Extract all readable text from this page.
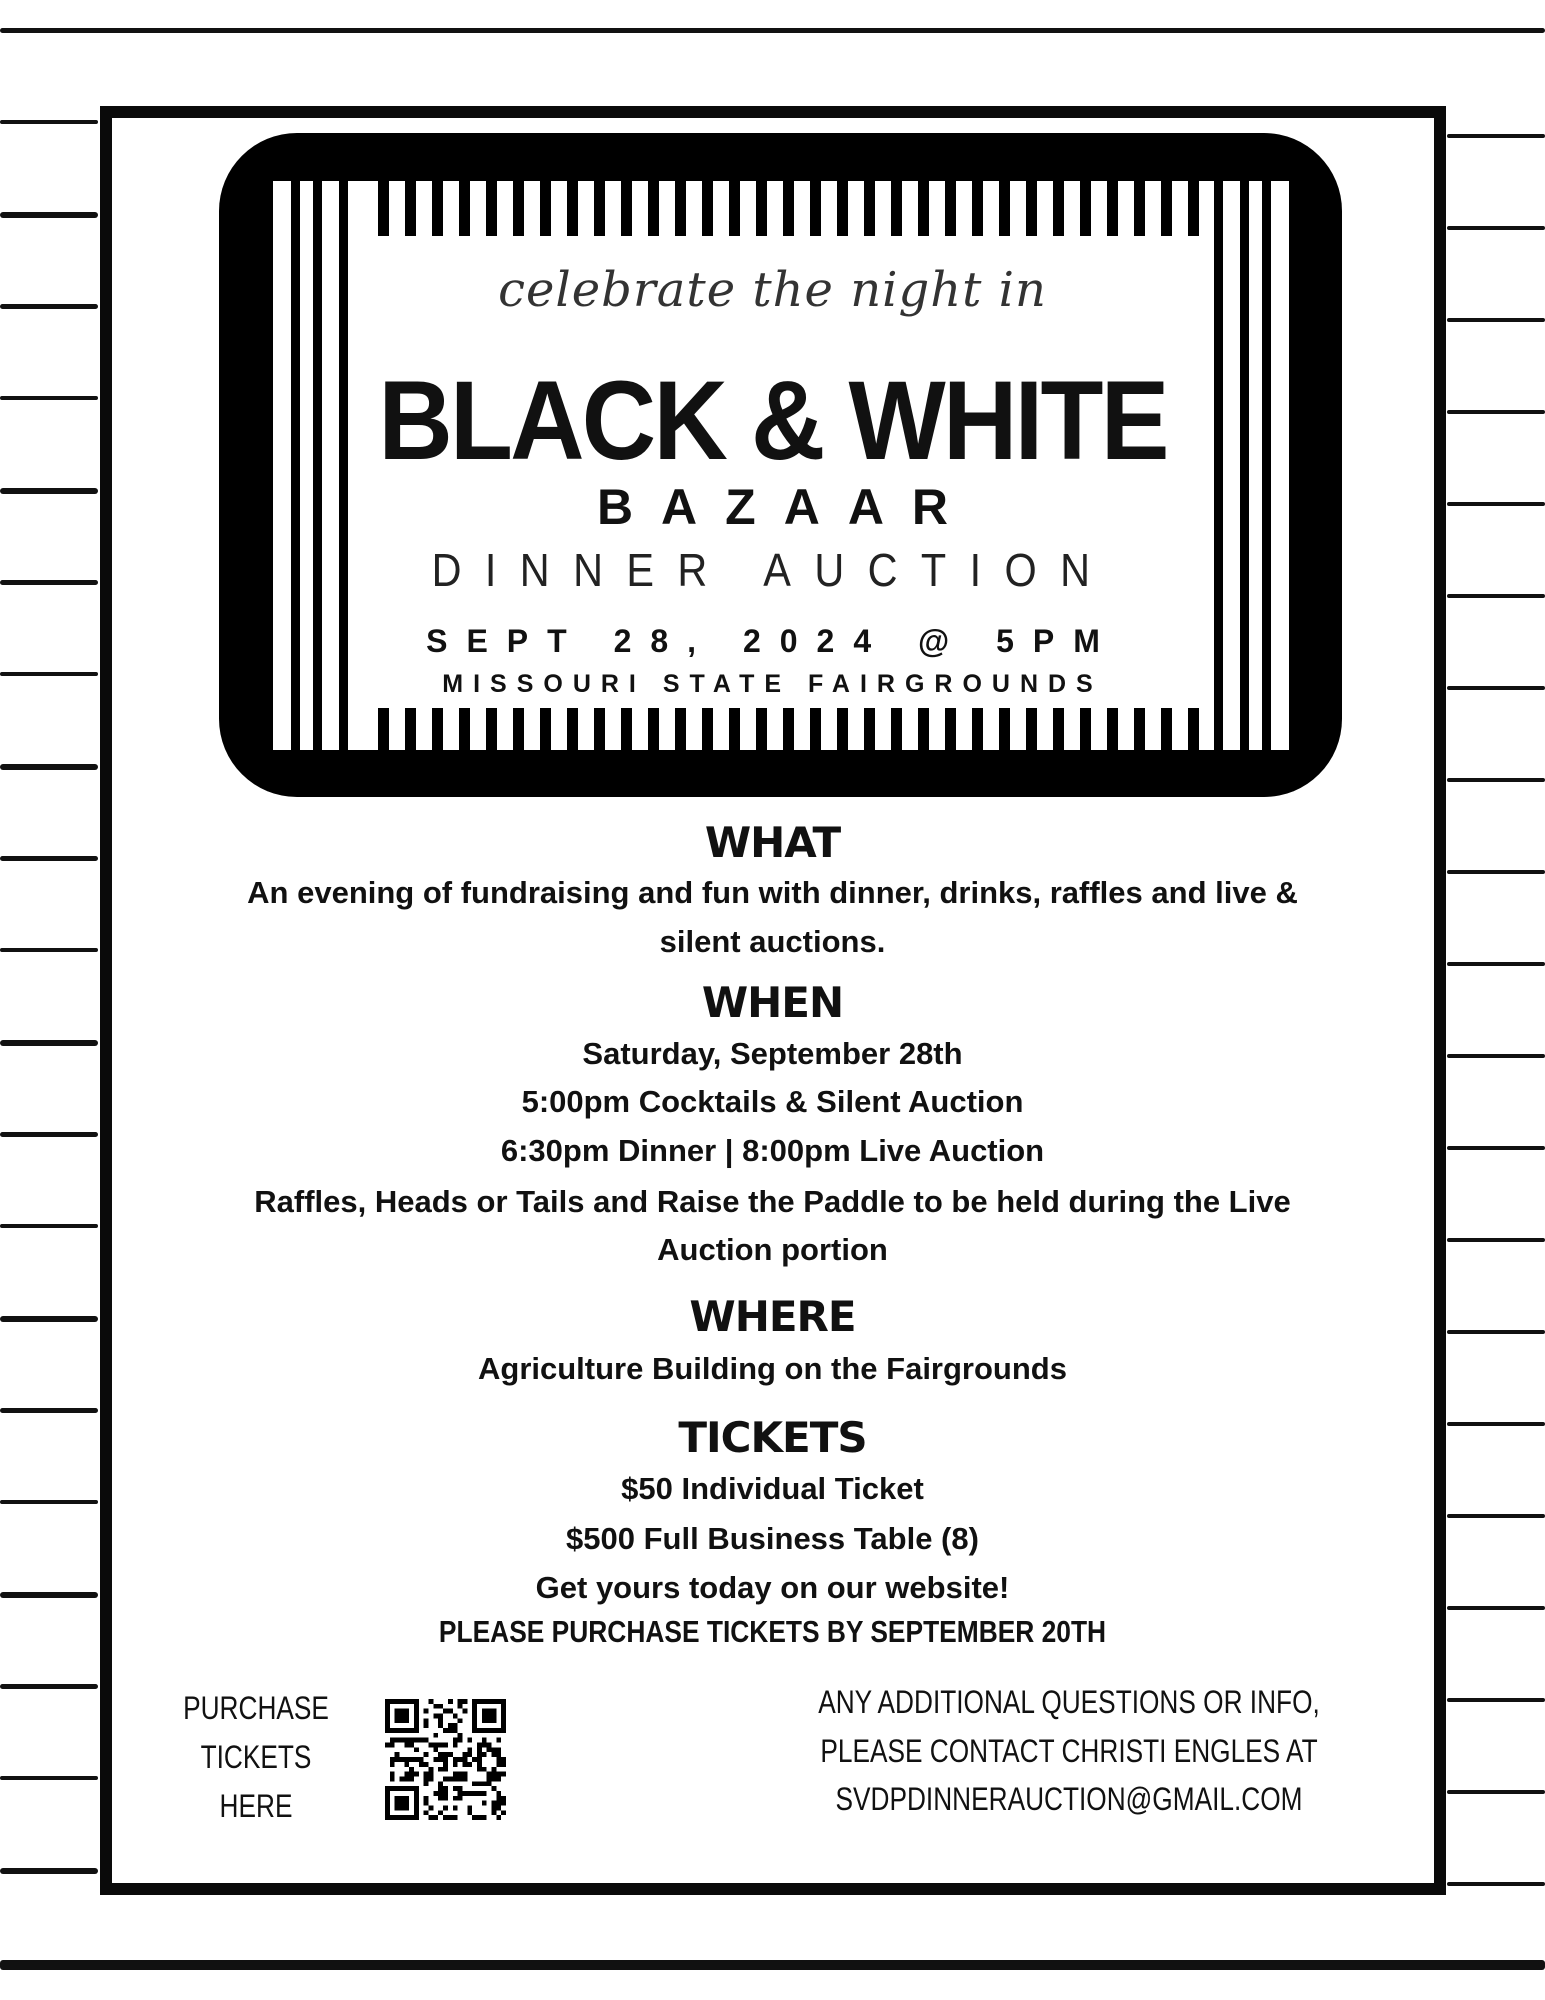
celebrate the night in
BLACK & WHITE
BAZAAR
DINNER AUCTION
SEPT 28, 2024 @ 5PM
MISSOURI STATE FAIRGROUNDS
WHAT
An evening of fundraising and fun with dinner, drinks, raffles and live &
silent auctions.
WHEN
Saturday, September 28th
5:00pm Cocktails & Silent Auction
6:30pm Dinner | 8:00pm Live Auction
Raffles, Heads or Tails and Raise the Paddle to be held during the Live
Auction portion
WHERE
Agriculture Building on the Fairgrounds
TICKETS
$50 Individual Ticket
$500 Full Business Table (8)
Get yours today on our website!
PLEASE PURCHASE TICKETS BY SEPTEMBER 20TH
PURCHASE
TICKETS
HERE
ANY ADDITIONAL QUESTIONS OR INFO,
PLEASE CONTACT CHRISTI ENGLES AT
SVDPDINNERAUCTION@GMAIL.COM
